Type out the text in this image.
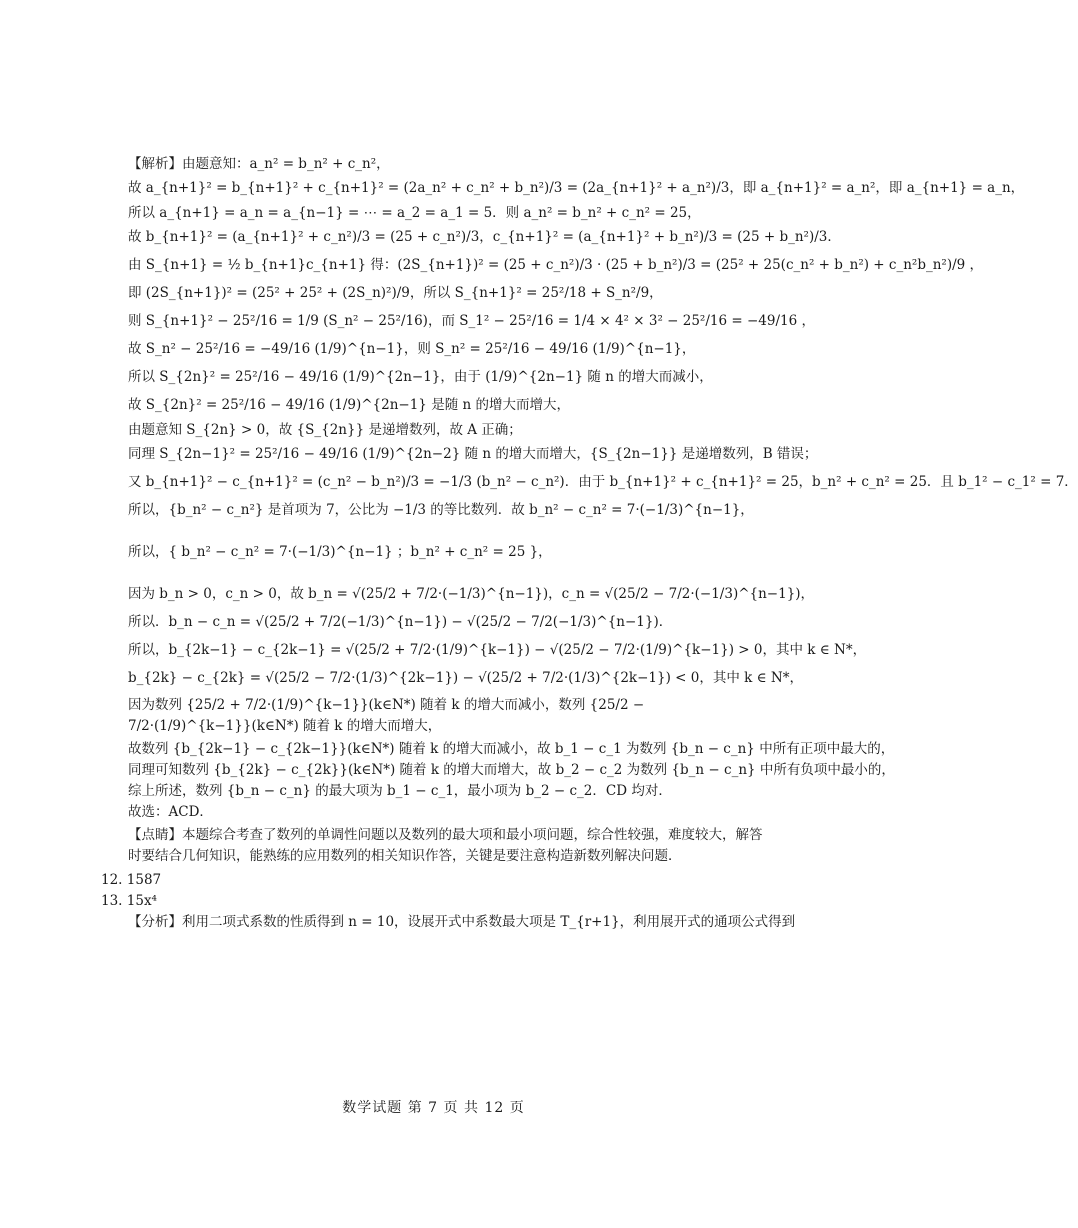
【解析】由题意知：a_n² = b_n² + c_n²，
故 a_{n+1}² = b_{n+1}² + c_{n+1}² = (2a_n² + c_n² + b_n²)/3 = (2a_{n+1}² + a_n²)/3，即 a_{n+1}² = a_n²，即 a_{n+1} = a_n，
所以 a_{n+1} = a_n = a_{n−1} = ⋯ = a_2 = a_1 = 5．则 a_n² = b_n² + c_n² = 25，
故 b_{n+1}² = (a_{n+1}² + c_n²)/3 = (25 + c_n²)/3，c_{n+1}² = (a_{n+1}² + b_n²)/3 = (25 + b_n²)/3．
由 S_{n+1} = ½ b_{n+1}c_{n+1} 得：(2S_{n+1})² = (25 + c_n²)/3 · (25 + b_n²)/3 = (25² + 25(c_n² + b_n²) + c_n²b_n²)/9 ，
即 (2S_{n+1})² = (25² + 25² + (2S_n)²)/9，所以 S_{n+1}² = 25²/18 + S_n²/9，
则 S_{n+1}² − 25²/16 = 1/9 (S_n² − 25²/16)，而 S_1² − 25²/16 = 1/4 × 4² × 3² − 25²/16 = −49/16 ，
故 S_n² − 25²/16 = −49/16 (1/9)^{n−1}，则 S_n² = 25²/16 − 49/16 (1/9)^{n−1}，
所以 S_{2n}² = 25²/16 − 49/16 (1/9)^{2n−1}，由于 (1/9)^{2n−1} 随 n 的增大而减小，
故 S_{2n}² = 25²/16 − 49/16 (1/9)^{2n−1} 是随 n 的增大而增大，
由题意知 S_{2n} > 0，故 {S_{2n}} 是递增数列，故 A 正确；
同理 S_{2n−1}² = 25²/16 − 49/16 (1/9)^{2n−2} 随 n 的增大而增大，{S_{2n−1}} 是递增数列，B 错误；
又 b_{n+1}² − c_{n+1}² = (c_n² − b_n²)/3 = −1/3 (b_n² − c_n²)．由于 b_{n+1}² + c_{n+1}² = 25，b_n² + c_n² = 25．且 b_1² − c_1² = 7．
所以，{b_n² − c_n²} 是首项为 7，公比为 −1/3 的等比数列．故 b_n² − c_n² = 7·(−1/3)^{n−1}，
所以，{ b_n² − c_n² = 7·(−1/3)^{n−1} ；b_n² + c_n² = 25 }，
因为 b_n > 0，c_n > 0，故 b_n = √(25/2 + 7/2·(−1/3)^{n−1})，c_n = √(25/2 − 7/2·(−1/3)^{n−1})，
所以．b_n − c_n = √(25/2 + 7/2(−1/3)^{n−1}) − √(25/2 − 7/2(−1/3)^{n−1})．
所以，b_{2k−1} − c_{2k−1} = √(25/2 + 7/2·(1/9)^{k−1}) − √(25/2 − 7/2·(1/9)^{k−1}) > 0，其中 k ∈ N*，
b_{2k} − c_{2k} = √(25/2 − 7/2·(1/3)^{2k−1}) − √(25/2 + 7/2·(1/3)^{2k−1}) < 0，其中 k ∈ N*，
因为数列 {25/2 + 7/2·(1/9)^{k−1}}(k∈N*) 随着 k 的增大而减小，数列 {25/2 − 7/2·(1/9)^{k−1}}(k∈N*) 随着 k 的增大而增大，
故数列 {b_{2k−1} − c_{2k−1}}(k∈N*) 随着 k 的增大而减小，故 b_1 − c_1 为数列 {b_n − c_n} 中所有正项中最大的，
同理可知数列 {b_{2k} − c_{2k}}(k∈N*) 随着 k 的增大而增大，故 b_2 − c_2 为数列 {b_n − c_n} 中所有负项中最小的，
综上所述，数列 {b_n − c_n} 的最大项为 b_1 − c_1，最小项为 b_2 − c_2．CD 均对．
故选：ACD．
【点睛】本题综合考查了数列的单调性问题以及数列的最大项和最小项问题，综合性较强，难度较大，解答时要结合几何知识，能熟练的应用数列的相关知识作答，关键是要注意构造新数列解决问题．
12. 1587
13. 15x⁴
【分析】利用二项式系数的性质得到 n = 10，设展开式中系数最大项是 T_{r+1}，利用展开式的通项公式得到
数学试题 第 7 页 共 12 页
